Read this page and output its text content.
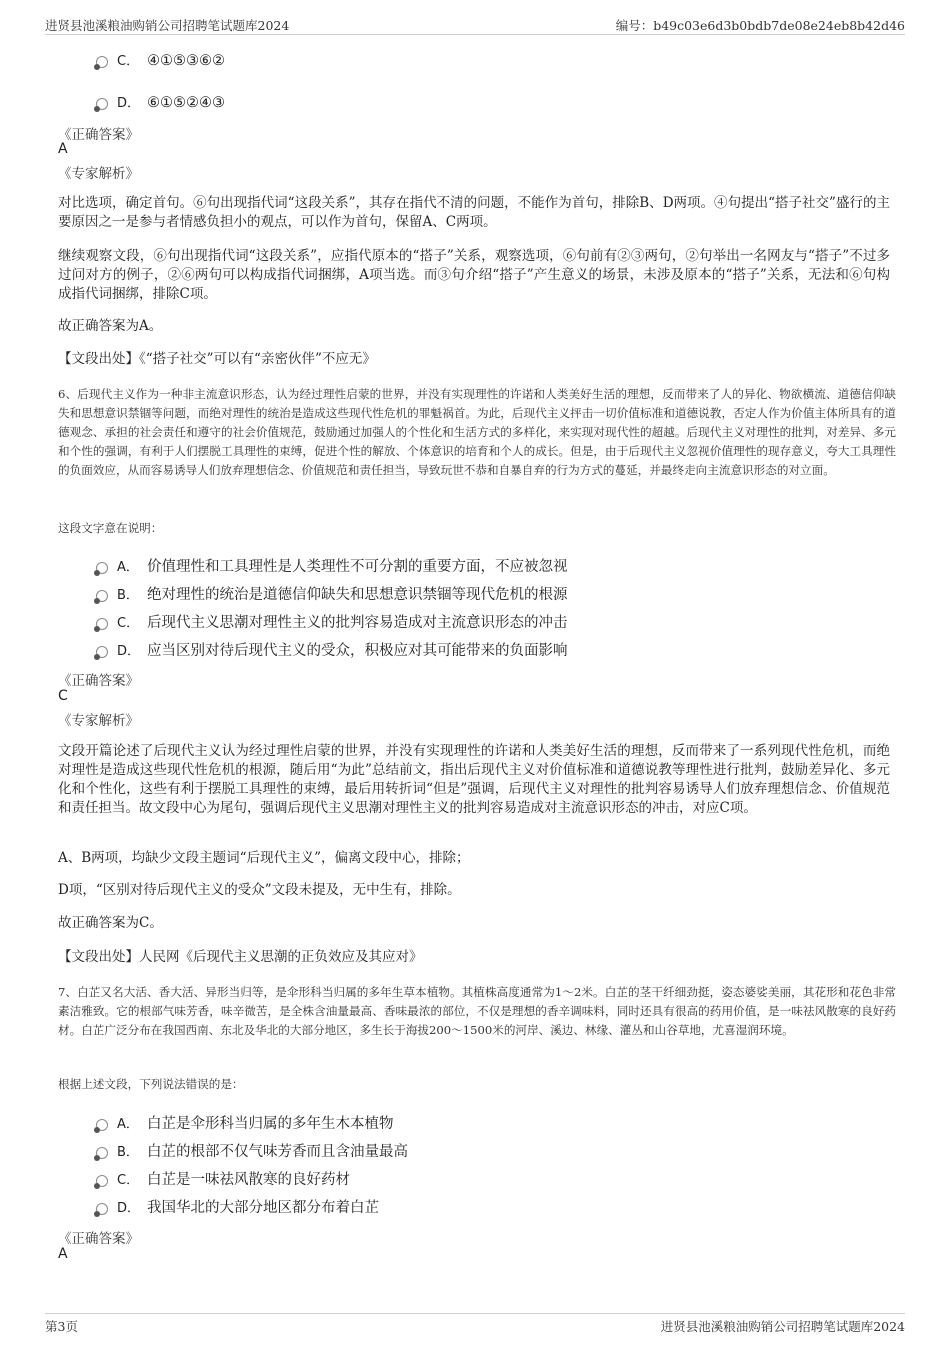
进贤县池溪粮油购销公司招聘笔试题库2024	编号：b49c03e6d3b0bdb7de08e24eb8b42d46
C． ④①⑤③⑥②
D． ⑥①⑤②④③
《正确答案》
A
《专家解析》
对比选项，确定首句。⑥句出现指代词“这段关系”，其存在指代不清的问题，不能作为首句，排除B、D两项。④句提出“搭子社交”盛行的主要原因之一是参与者情感负担小的观点，可以作为首句，保留A、C两项。
继续观察文段，⑥句出现指代词“这段关系”，应指代原本的“搭子”关系，观察选项，⑥句前有②③两句，②句举出一名网友与“搭子”不过多过问对方的例子，②⑥两句可以构成指代词捆绑，A项当选。而③句介绍“搭子”产生意义的场景，未涉及原本的“搭子”关系，无法和⑥句构成指代词捆绑，排除C项。
故正确答案为A。
【文段出处】《“搭子社交”可以有“亲密伙伴”不应无》
6、后现代主义作为一种非主流意识形态，认为经过理性启蒙的世界，并没有实现理性的许诺和人类美好生活的理想，反而带来了人的异化、物欲横流、道德信仰缺失和思想意识禁锢等问题，而绝对理性的统治是造成这些现代性危机的罪魁祸首。为此，后现代主义抨击一切价值标准和道德说教，否定人作为价值主体所具有的道德观念、承担的社会责任和遵守的社会价值规范，鼓励通过加强人的个性化和生活方式的多样化，来实现对现代性的超越。后现代主义对理性的批判，对差异、多元和个性的强调，有利于人们摆脱工具理性的束缚，促进个性的解放、个体意识的培育和个人的成长。但是，由于后现代主义忽视价值理性的现存意义，夸大工具理性的负面效应，从而容易诱导人们放弃理想信念、价值规范和责任担当，导致玩世不恭和自暴自弃的行为方式的蔓延，并最终走向主流意识形态的对立面。
这段文字意在说明：
A． 价值理性和工具理性是人类理性不可分割的重要方面，不应被忽视
B． 绝对理性的统治是道德信仰缺失和思想意识禁锢等现代危机的根源
C． 后现代主义思潮对理性主义的批判容易造成对主流意识形态的冲击
D． 应当区别对待后现代主义的受众，积极应对其可能带来的负面影响
《正确答案》
C
《专家解析》
文段开篇论述了后现代主义认为经过理性启蒙的世界，并没有实现理性的许诺和人类美好生活的理想，反而带来了一系列现代性危机，而绝对理性是造成这些现代性危机的根源，随后用“为此”总结前文，指出后现代主义对价值标准和道德说教等理性进行批判，鼓励差异化、多元化和个性化，这些有利于摆脱工具理性的束缚，最后用转折词“但是”强调，后现代主义对理性的批判容易诱导人们放弃理想信念、价值规范和责任担当。故文段中心为尾句，强调后现代主义思潮对理性主义的批判容易造成对主流意识形态的冲击，对应C项。
A、B两项，均缺少文段主题词“后现代主义”，偏离文段中心，排除；
D项，“区别对待后现代主义的受众”文段未提及，无中生有，排除。
故正确答案为C。
【文段出处】人民网《后现代主义思潮的正负效应及其应对》
7、白芷又名大活、香大活、异形当归等，是伞形科当归属的多年生草本植物。其植株高度通常为1～2米。白芷的茎干纤细劲挺，姿态婆娑美丽，其花形和花色非常素洁雅致。它的根部气味芳香，味辛微苦，是全株含油量最高、香味最浓的部位，不仅是理想的香辛调味料，同时还具有很高的药用价值，是一味祛风散寒的良好药材。白芷广泛分布在我国西南、东北及华北的大部分地区，多生长于海拔200～1500米的河岸、溪边、林缘、灌丛和山谷草地，尤喜湿润环境。
根据上述文段，下列说法错误的是：
A． 白芷是伞形科当归属的多年生木本植物
B． 白芷的根部不仅气味芳香而且含油量最高
C． 白芷是一味祛风散寒的良好药材
D． 我国华北的大部分地区都分布着白芷
《正确答案》
A
第3页	进贤县池溪粮油购销公司招聘笔试题库2024
